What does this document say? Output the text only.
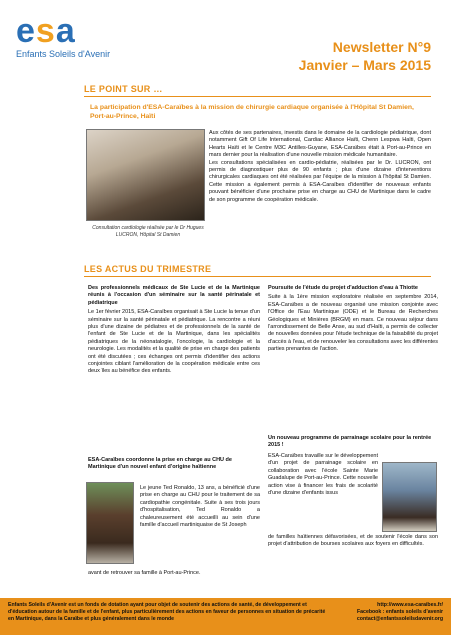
e s a
Enfants Soleils d'Avenir	Newsletter N°9
Janvier – Mars 2015
LE POINT SUR …
La participation d'ESA-Caraïbes à la mission de chirurgie cardiaque organisée à l'Hôpital St Damien, Port-au-Prince, Haïti
Consultation cardiologie réalisée par le Dr Hugues LUCRON, Hôpital St Damien

Aux côtés de ses partenaires, investis dans le domaine de la cardiologie pédiatrique, dont notamment Gift Of Life International, Cardiac Alliance Haïti, Chenn Lespwa Haïti, Open Hearts Haïti et le Centre M3C Antilles-Guyane, ESA-Caraïbes était à Port-au-Prince en mars dernier pour la réalisation d'une nouvelle mission médicale humanitaire.

Les consultations spécialisées en cardio-pédiatrie, réalisées par le Dr. LUCRON, ont permis de diagnostiquer plus de 90 enfants ; plus d'une dizaine d'interventions chirurgicales cardiaques ont été réalisées par l'équipe de la mission à l'hôpital St Damien. Cette mission a également permis à ESA-Caraïbes d'identifier de nouveaux enfants pouvant bénéficier d'une prochaine prise en charge au CHU de Martinique dans le cadre de son programme de coopération médicale.

LES ACTUS DU TRIMESTRE
Des professionnels médicaux de Ste Lucie et de la Martinique réunis à l'occasion d'un séminaire sur la santé périnatale et pédiatrique
Le 1er février 2015, ESA-Caraïbes organisait à Ste Lucie la tenue d'un séminaire sur la santé périnatale et pédiatrique. La rencontre a réuni plus d'une dizaine de pédiatres et de professionnels de la santé de l'enfant de Ste Lucie et de la Martinique, dans les spécialités pédiatriques de la néonatalogie, l'oncologie, la cardiologie et la neurologie. Les modalités et la qualité de prise en charge des patients ont été discutées ; ces échanges ont permis d'identifier des actions conjointes ciblant l'amélioration de la coopération médicale entre ces deux îles au bénéfice des enfants.
Poursuite de l'étude du projet d'adduction d'eau à Thiotte
Suite à la 1ère mission exploratoire réalisée en septembre 2014, ESA-Caraïbes a de nouveau organisé une mission conjointe avec l'Office de l'Eau Martinique (ODE) et le Bureau de Recherches Géologiques et Minières (BRGM) en mars. Ce nouveau séjour dans l'arrondissement de Belle Anse, au sud d'Haïti, a permis de collecter de nouvelles données pour l'étude technique de la faisabilité du projet d'accès à l'eau, et de renouveler les consultations avec les différentes parties prenantes de l'action.
ESA-Caraïbes coordonne la prise en charge au CHU de Martinique d'un nouvel enfant d'origine haïtienne
Le jeune Ted Ronaldo, 13 ans, a bénéficié d'une prise en charge au CHU pour le traitement de sa cardiopathie congénitale. Suite à ses trois jours d'hospitalisation, Ted Ronaldo a chaleureusement été accueilli au sein d'une famille d'accueil martiniquaise de St Joseph
avant de retrouver sa famille à Port-au-Prince.
Un nouveau programme de parrainage scolaire pour la rentrée 2015 !
ESA-Caraïbes travaille sur le développement d'un projet de parrainage scolaire en collaboration avec l'école Sainte Marie Guadalupe de Port-au-Prince. Cette nouvelle action vise à financer les frais de scolarité d'une dizaine d'enfants issus
de familles haïtiennes défavorisées, et de soutenir l'école dans son projet d'attribution de bourses scolaires aux foyers en difficultés.
Enfants Soleils d'Avenir est un fonds de dotation ayant pour objet de soutenir des actions de santé, de développement et d'éducation autour de la famille et de l'enfant, plus particulièrement des actions en faveur de personnes en situation de précarité en Martinique, dans la Caraïbe et plus généralement dans le monde
http://www.esa-caraibes.fr/
Facebook : enfants soleils d'avenir
contact@enfantssoleilsdavenir.org
